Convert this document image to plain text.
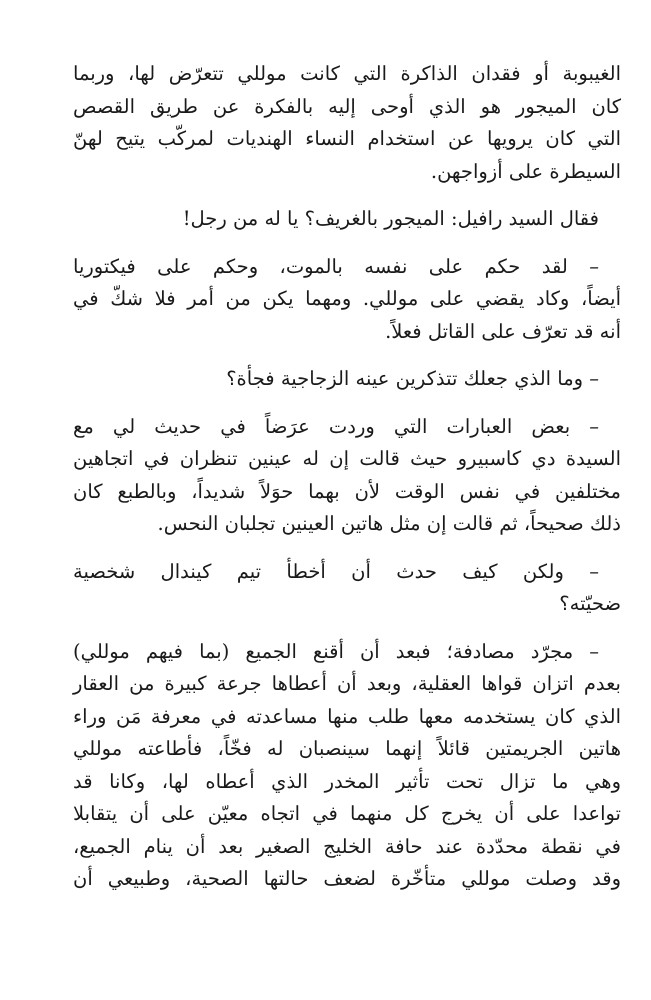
الغيبوبة أو فقدان الذاكرة التي كانت موللي تتعرّض لها، وربما
كان الميجور هو الذي أوحى إليه بالفكرة عن طريق القصص
التي كان يرويها عن استخدام النساء الهنديات لمركّب يتيح لهنّ
السيطرة على أزواجهن.
فقال السيد رافيل: الميجور بالغريف؟ يا له من رجل!
– لقد حكم على نفسه بالموت، وحكم على فيكتوريا
أيضاً، وكاد يقضي على موللي. ومهما يكن من أمر فلا شكّ في
أنه قد تعرّف على القاتل فعلاً.
– وما الذي جعلك تتذكرين عينه الزجاجية فجأة؟
– بعض العبارات التي وردت عرَضاً في حديث لي مع
السيدة دي كاسبيرو حيث قالت إن له عينين تنظران في اتجاهين
مختلفين في نفس الوقت لأن بهما حوَلاً شديداً، وبالطبع كان
ذلك صحيحاً، ثم قالت إن مثل هاتين العينين تجلبان النحس.
– ولكن كيف حدث أن أخطأ تيم كيندال شخصية
ضحيّته؟
– مجرّد مصادفة؛ فبعد أن أقنع الجميع (بما فيهم موللي)
بعدم اتزان قواها العقلية، وبعد أن أعطاها جرعة كبيرة من العقار
الذي كان يستخدمه معها طلب منها مساعدته في معرفة مَن وراء
هاتين الجريمتين قائلاً إنهما سينصبان له فخّاً، فأطاعته موللي
وهي ما تزال تحت تأثير المخدر الذي أعطاه لها، وكانا قد
تواعدا على أن يخرج كل منهما في اتجاه معيّن على أن يتقابلا
في نقطة محدّدة عند حافة الخليج الصغير بعد أن ينام الجميع،
وقد وصلت موللي متأخّرة لضعف حالتها الصحية، وطبيعي أن
